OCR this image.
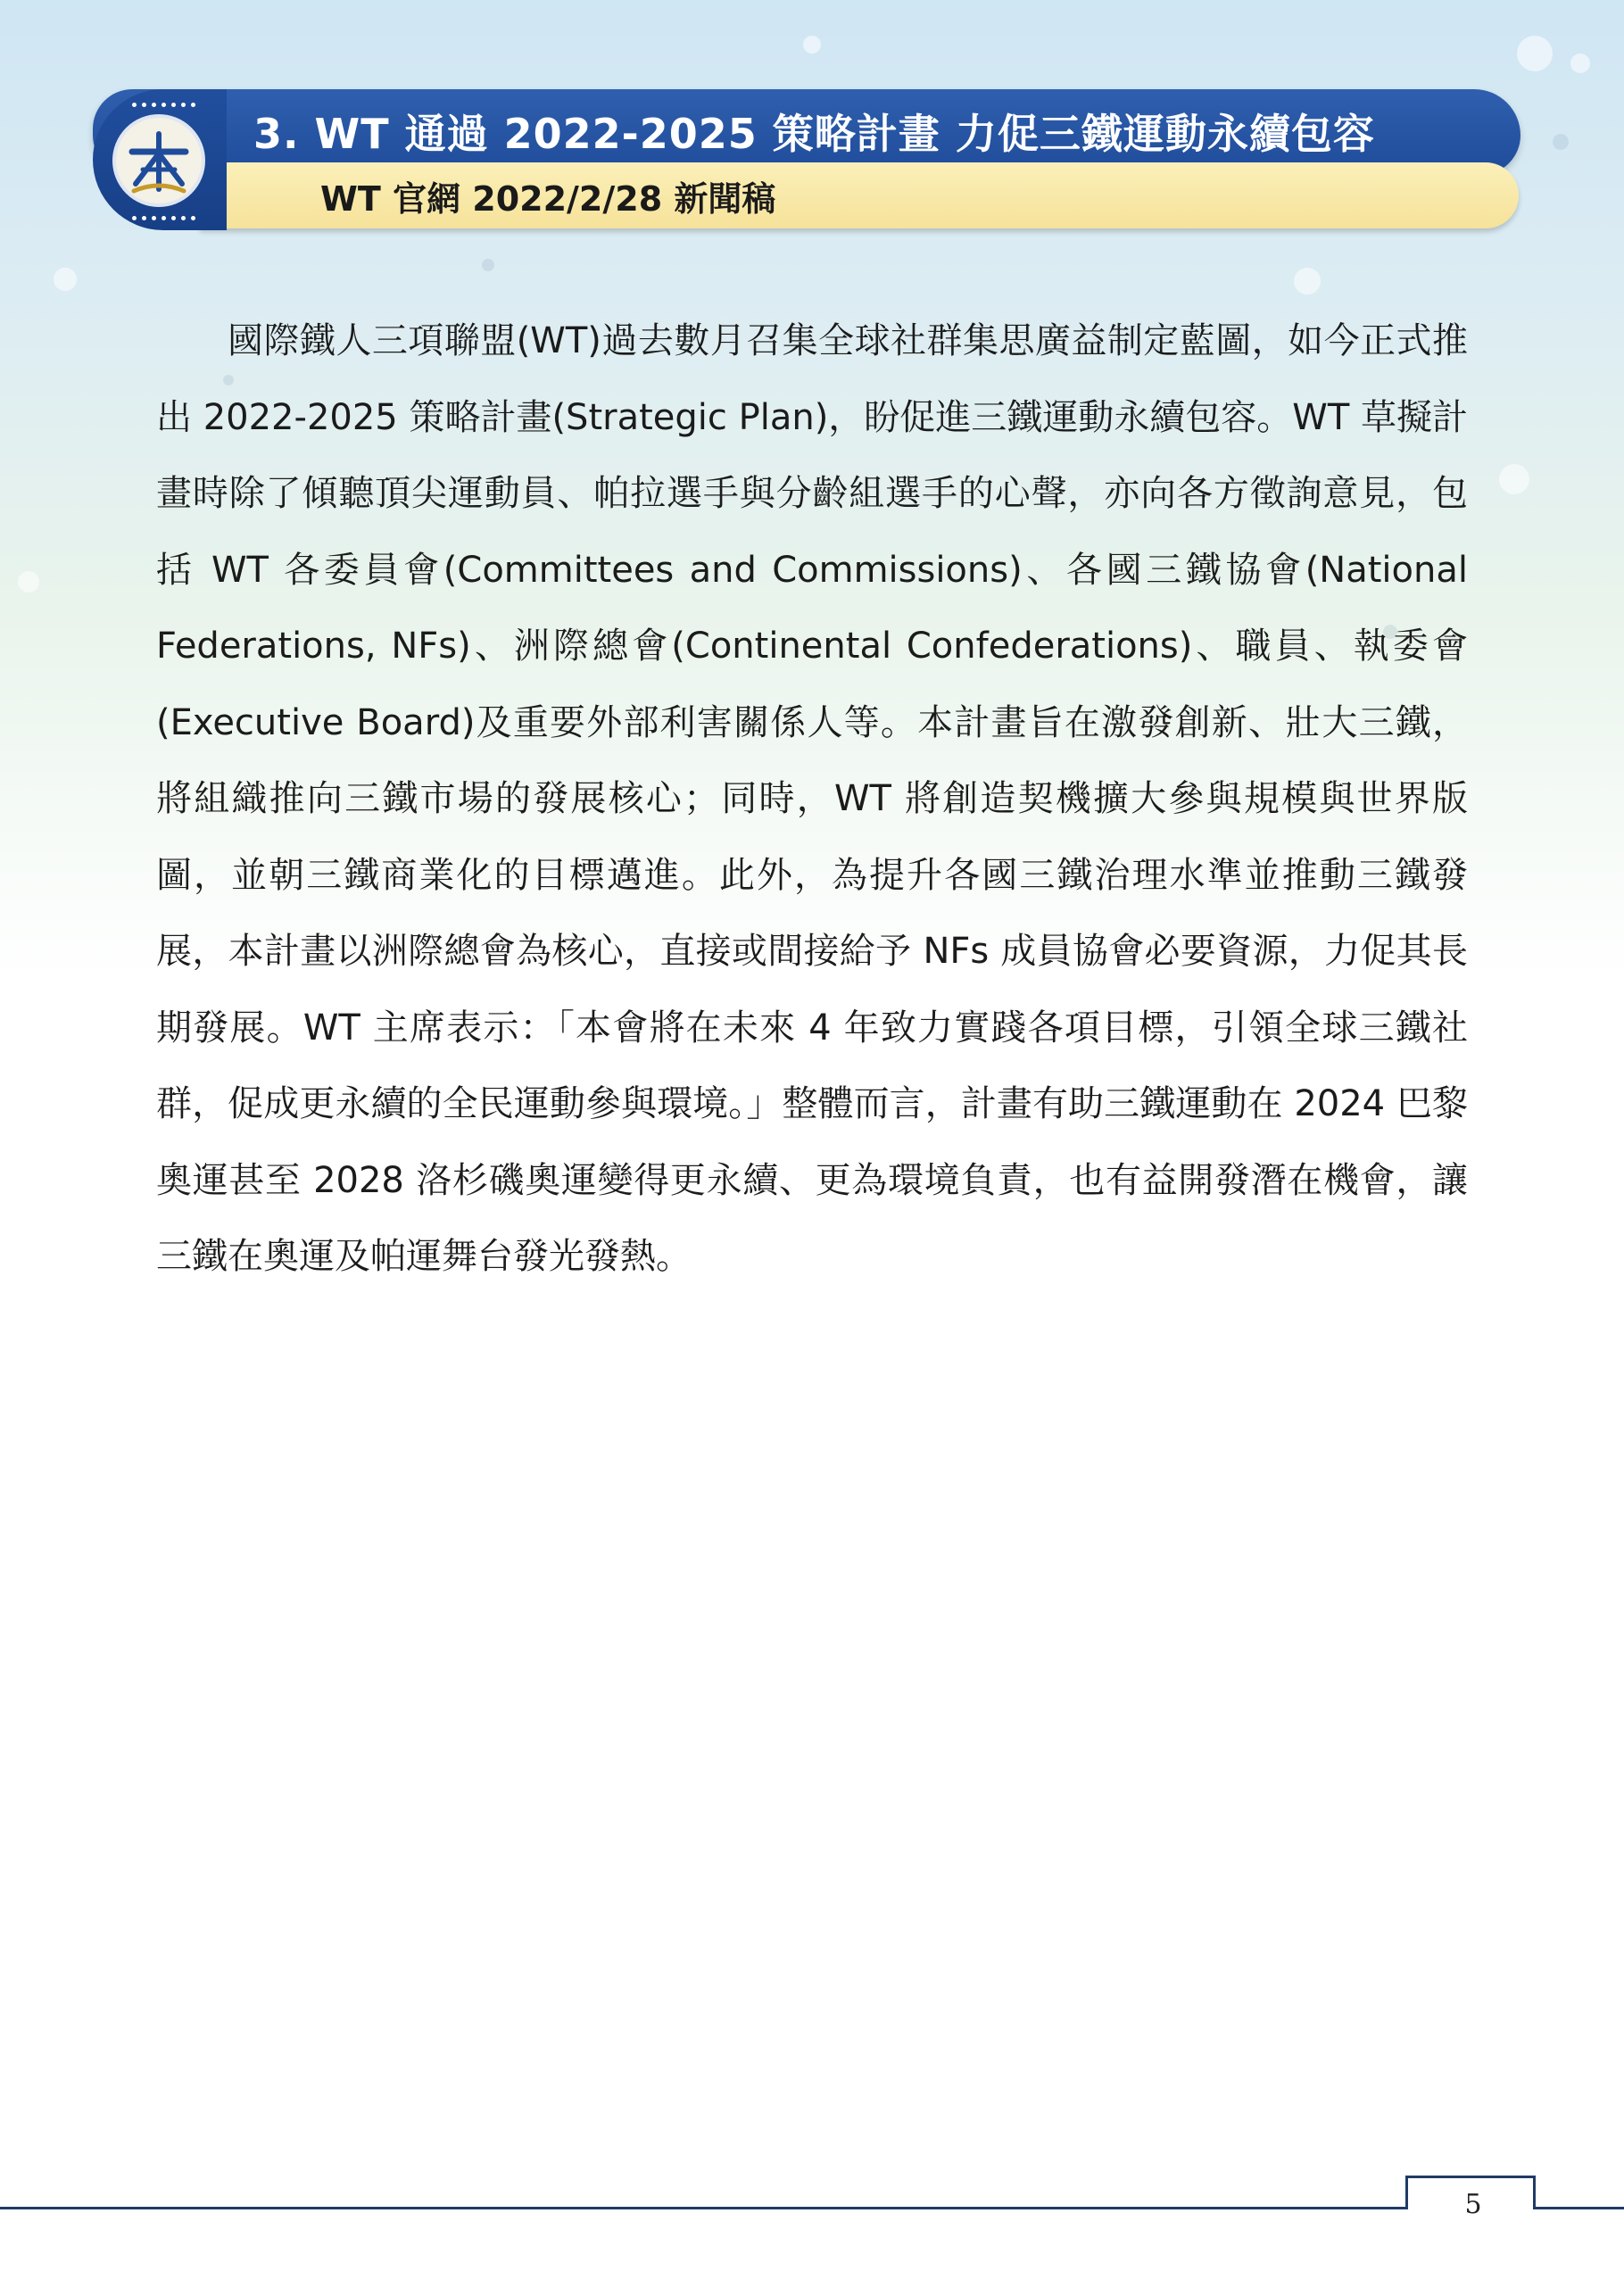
3. WT 通過 2022-2025 策略計畫 力促三鐵運動永續包容
WT 官網 2022/2/28 新聞稿

國際鐵人三項聯盟(WT)過去數月召集全球社群集思廣益制定藍圖，如今正式推出 2022-2025 策略計畫(Strategic Plan)，盼促進三鐵運動永續包容。WT 草擬計畫時除了傾聽頂尖運動員、帕拉選手與分齡組選手的心聲，亦向各方徵詢意見，包括 WT 各委員會(Committees and Commissions)、各國三鐵協會(National Federations, NFs)、洲際總會(Continental Confederations)、職員、執委會(Executive Board)及重要外部利害關係人等。本計畫旨在激發創新、壯大三鐵，將組織推向三鐵市場的發展核心；同時，WT 將創造契機擴大參與規模與世界版圖，並朝三鐵商業化的目標邁進。此外，為提升各國三鐵治理水準並推動三鐵發展，本計畫以洲際總會為核心，直接或間接給予 NFs 成員協會必要資源，力促其長期發展。WT 主席表示：「本會將在未來 4 年致力實踐各項目標，引領全球三鐵社群，促成更永續的全民運動參與環境。」整體而言，計畫有助三鐵運動在 2024 巴黎奧運甚至 2028 洛杉磯奧運變得更永續、更為環境負責，也有益開發潛在機會，讓三鐵在奧運及帕運舞台發光發熱。

5
